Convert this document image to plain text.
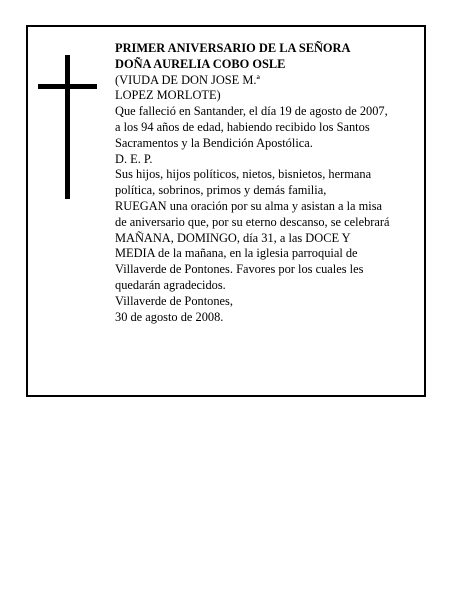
PRIMER ANIVERSARIO DE LA SEÑORA
DOÑA AURELIA COBO OSLE
(VIUDA DE DON JOSE M.ª
LOPEZ MORLOTE)
Que falleció en Santander, el día 19 de agosto de 2007,
a los 94 años de edad, habiendo recibido los Santos
Sacramentos y la Bendición Apostólica.
D. E. P.
Sus hijos, hijos políticos, nietos, bisnietos, hermana
política, sobrinos, primos y demás familia,
RUEGAN una oración por su alma y asistan a la misa
de aniversario que, por su eterno descanso, se celebrará
MAÑANA, DOMINGO, día 31, a las DOCE Y
MEDIA de la mañana, en la iglesia parroquial de
Villaverde de Pontones. Favores por los cuales les
quedarán agradecidos.
Villaverde de Pontones,
30 de agosto de 2008.
